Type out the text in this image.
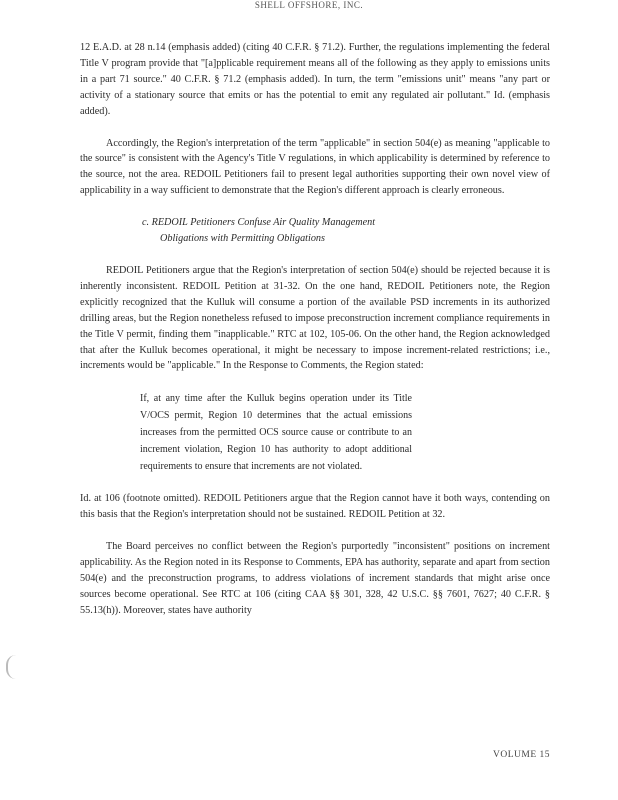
SHELL OFFSHORE, INC.

12 E.A.D. at 28 n.14 (emphasis added) (citing 40 C.F.R. § 71.2). Further, the regulations implementing the federal Title V program provide that "[a]pplicable requirement means all of the following as they apply to emissions units in a part 71 source." 40 C.F.R. § 71.2 (emphasis added). In turn, the term "emissions unit" means "any part or activity of a stationary source that emits or has the potential to emit any regulated air pollutant." Id. (emphasis added).

Accordingly, the Region's interpretation of the term "applicable" in section 504(e) as meaning "applicable to the source" is consistent with the Agency's Title V regulations, in which applicability is determined by reference to the source, not the area. REDOIL Petitioners fail to present legal authorities supporting their own novel view of applicability in a way sufficient to demonstrate that the Region's different approach is clearly erroneous.

c. REDOIL Petitioners Confuse Air Quality Management
Obligations with Permitting Obligations

REDOIL Petitioners argue that the Region's interpretation of section 504(e) should be rejected because it is inherently inconsistent. REDOIL Petition at 31-32. On the one hand, REDOIL Petitioners note, the Region explicitly recognized that the Kulluk will consume a portion of the available PSD increments in its authorized drilling areas, but the Region nonetheless refused to impose preconstruction increment compliance requirements in the Title V permit, finding them "inapplicable." RTC at 102, 105-06. On the other hand, the Region acknowledged that after the Kulluk becomes operational, it might be necessary to impose increment-related restrictions; i.e., increments would be "applicable." In the Response to Comments, the Region stated:

If, at any time after the Kulluk begins operation under its Title V/OCS permit, Region 10 determines that the actual emissions increases from the permitted OCS source cause or contribute to an increment violation, Region 10 has authority to adopt additional requirements to ensure that increments are not violated.

Id. at 106 (footnote omitted). REDOIL Petitioners argue that the Region cannot have it both ways, contending on this basis that the Region's interpretation should not be sustained. REDOIL Petition at 32.

The Board perceives no conflict between the Region's purportedly "inconsistent" positions on increment applicability. As the Region noted in its Response to Comments, EPA has authority, separate and apart from section 504(e) and the preconstruction programs, to address violations of increment standards that might arise once sources become operational. See RTC at 106 (citing CAA §§ 301, 328, 42 U.S.C. §§ 7601, 7627; 40 C.F.R. § 55.13(h)). Moreover, states have authority

VOLUME 15
